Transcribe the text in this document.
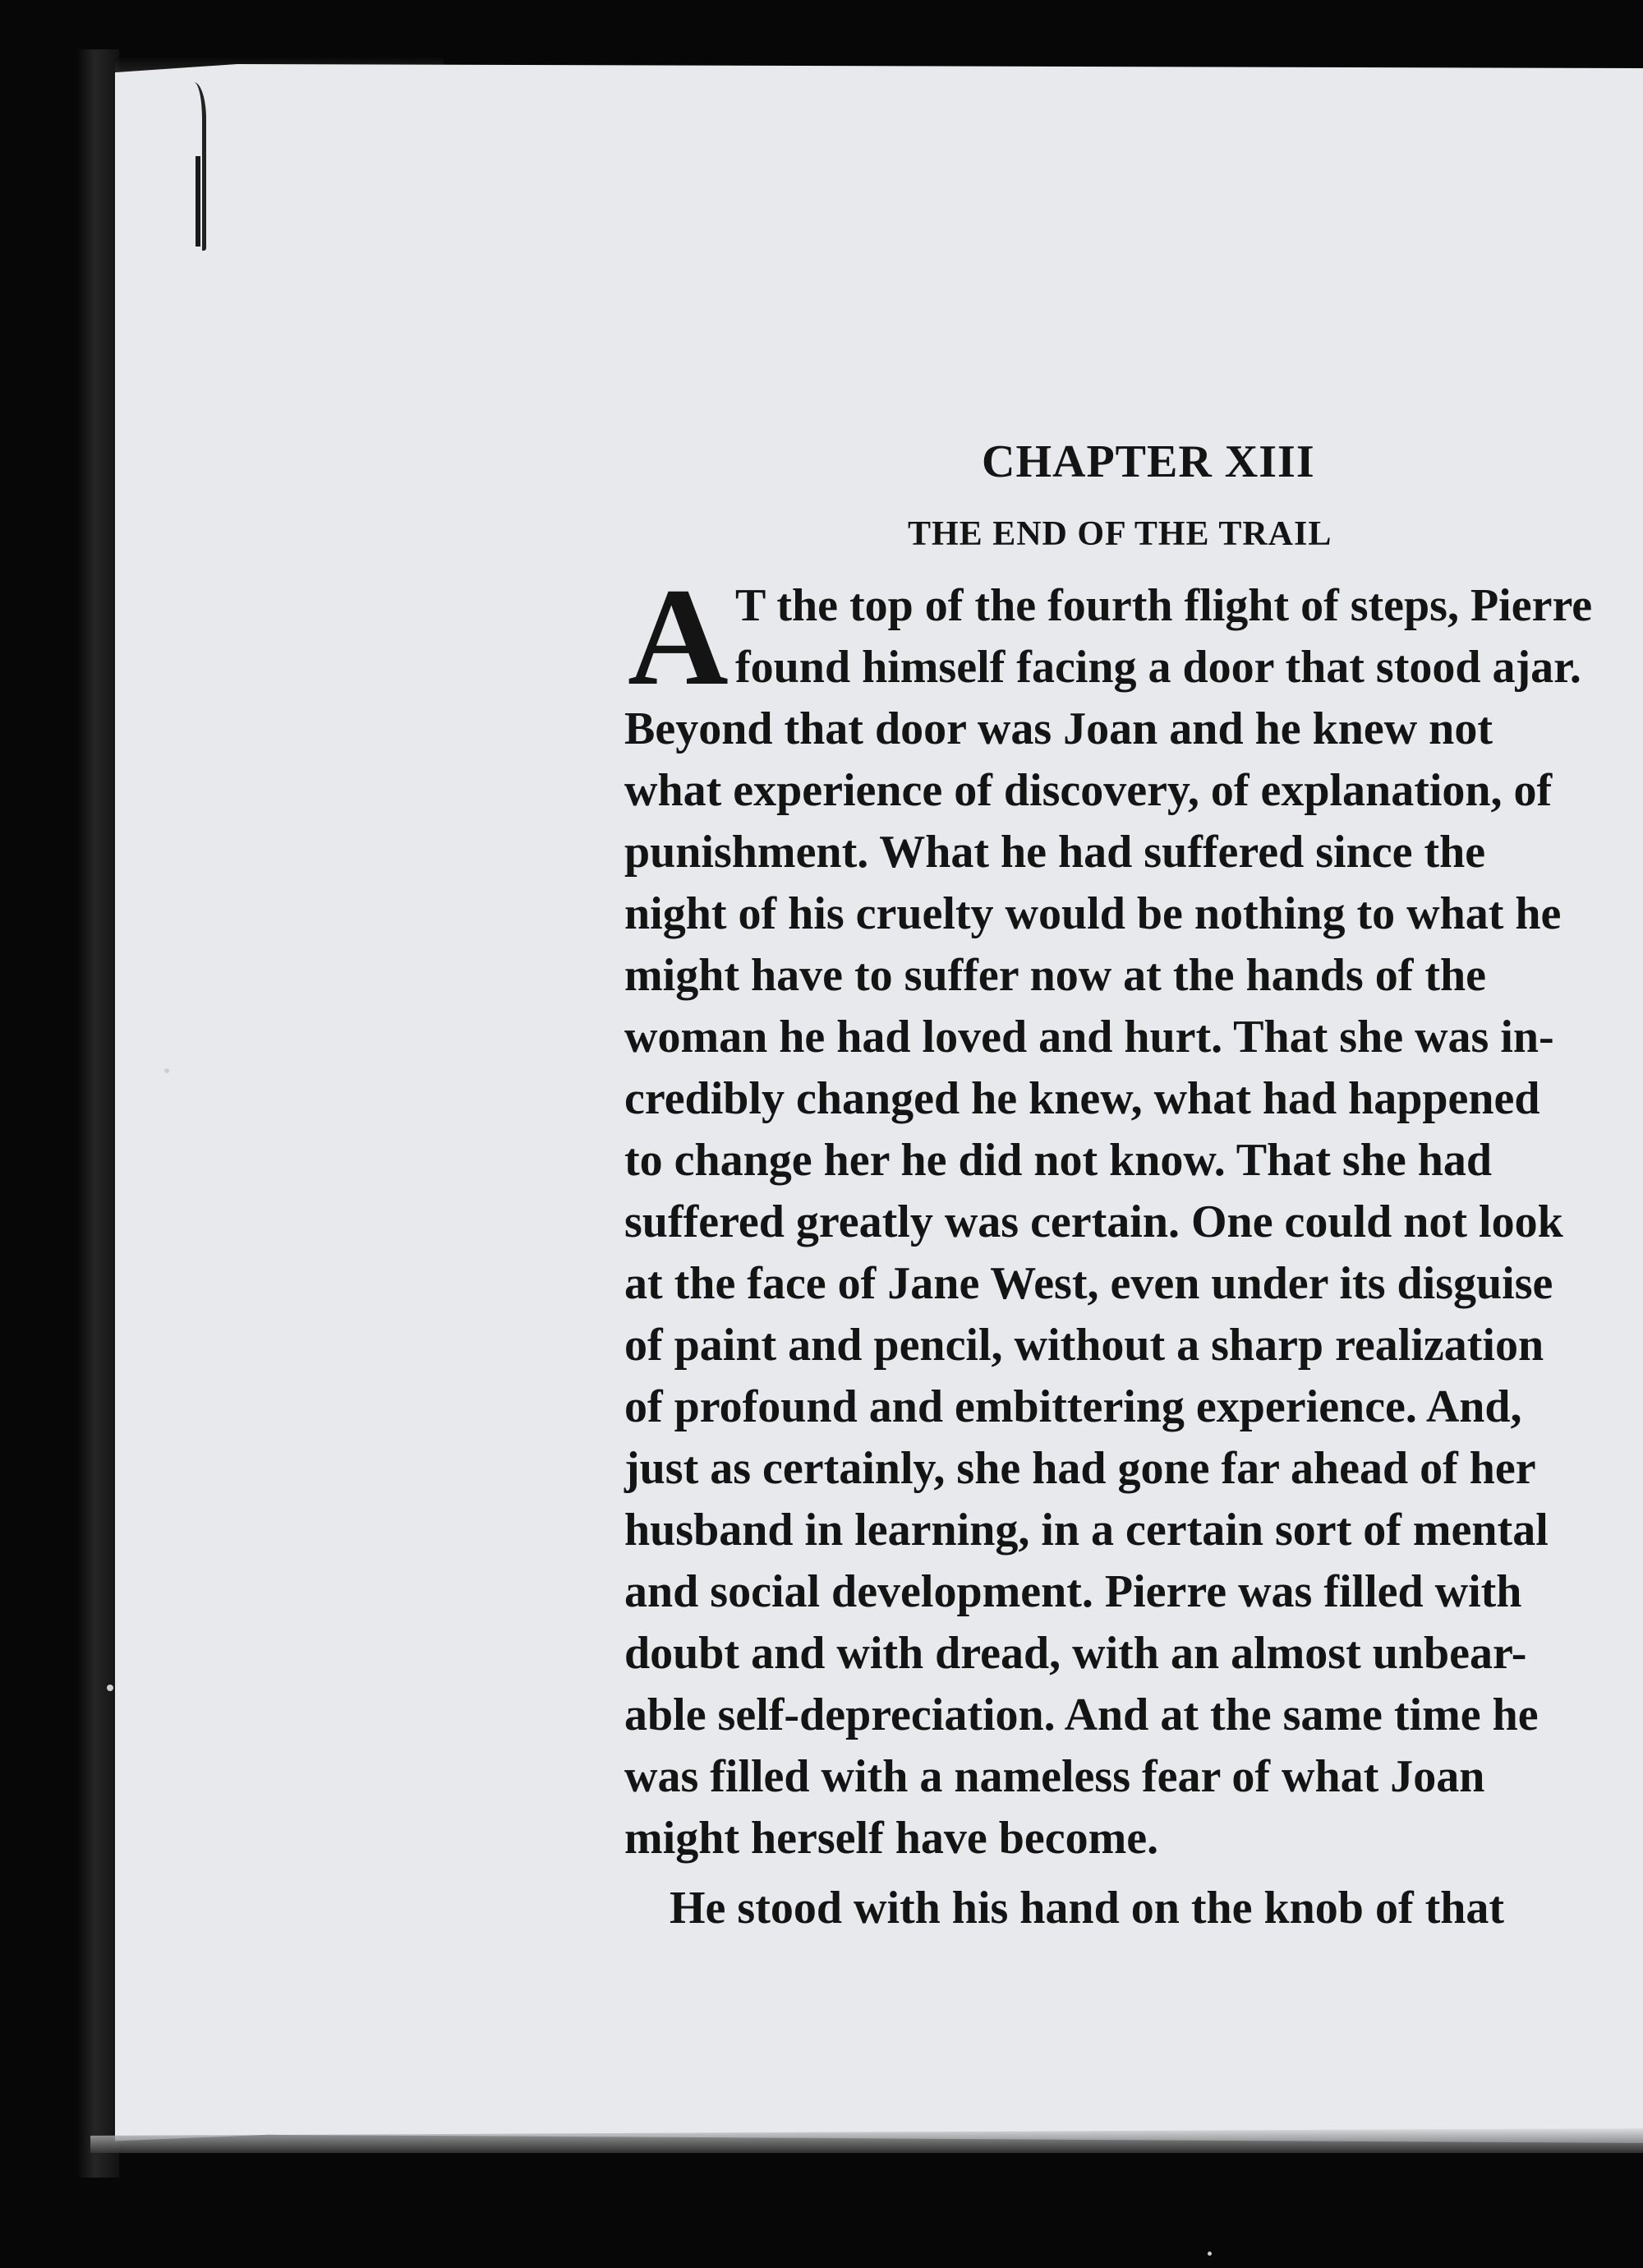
CHAPTER XIII
THE END OF THE TRAIL
A T the top of the fourth flight of steps, Pierre
found himself facing a door that stood ajar.
Beyond that door was Joan and he knew not
what experience of discovery, of explanation, of
punishment. What he had suffered since the
night of his cruelty would be nothing to what he
might have to suffer now at the hands of the
woman he had loved and hurt. That she was in-
credibly changed he knew, what had happened
to change her he did not know. That she had
suffered greatly was certain. One could not look
at the face of Jane West, even under its disguise
of paint and pencil, without a sharp realization
of profound and embittering experience. And,
just as certainly, she had gone far ahead of her
husband in learning, in a certain sort of mental
and social development. Pierre was filled with
doubt and with dread, with an almost unbear-
able self-depreciation. And at the same time he
was filled with a nameless fear of what Joan
might herself have become.
He stood with his hand on the knob of that
